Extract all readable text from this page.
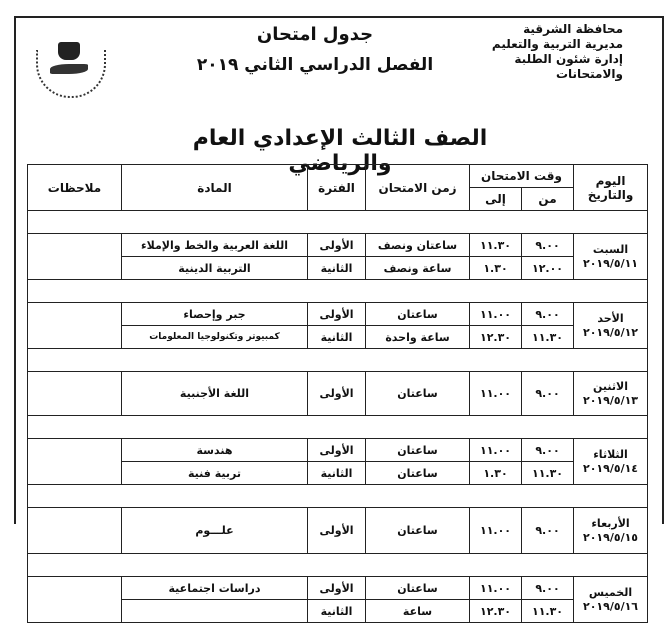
محافظة الشرقية
مديرية التربية والتعليم
إدارة شئون الطلبة والامتحانات
جدول امتحان
الفصل الدراسي الثاني ٢٠١٩
الصف الثالث الإعدادي العام والرياضي
اليوم والتاريخ	وقت الامتحان		زمن الامتحان	الفترة	المادة	ملاحظات
	من	إلى				

السبت
٢٠١٩/٥/١١	٩.٠٠	١١.٣٠	ساعتان ونصف	الأولى	اللغة العربية والخط والإملاء	
	١٢.٠٠	١.٣٠	ساعة ونصف	الثانية	التربية الدينية	

الأحد
٢٠١٩/٥/١٢	٩.٠٠	١١.٠٠	ساعتان	الأولى	جبر وإحصاء	
	١١.٣٠	١٢.٣٠	ساعة واحدة	الثانية	كمبيوتر وتكنولوجيا المعلومات	

الاثنين
٢٠١٩/٥/١٣	٩.٠٠	١١.٠٠	ساعتان	الأولى	اللغة الأجنبية	

الثلاثاء
٢٠١٩/٥/١٤	٩.٠٠	١١.٠٠	ساعتان	الأولى	هندسة	
	١١.٣٠	١.٣٠	ساعتان	الثانية	تربية فنية	

الأربعاء
٢٠١٩/٥/١٥	٩.٠٠	١١.٠٠	ساعتان	الأولى	علـــوم	

الخميس
٢٠١٩/٥/١٦	٩.٠٠	١١.٠٠	ساعتان	الأولى	دراسات اجتماعية	
	١١.٣٠	١٢.٣٠	ساعة	الثانية		
